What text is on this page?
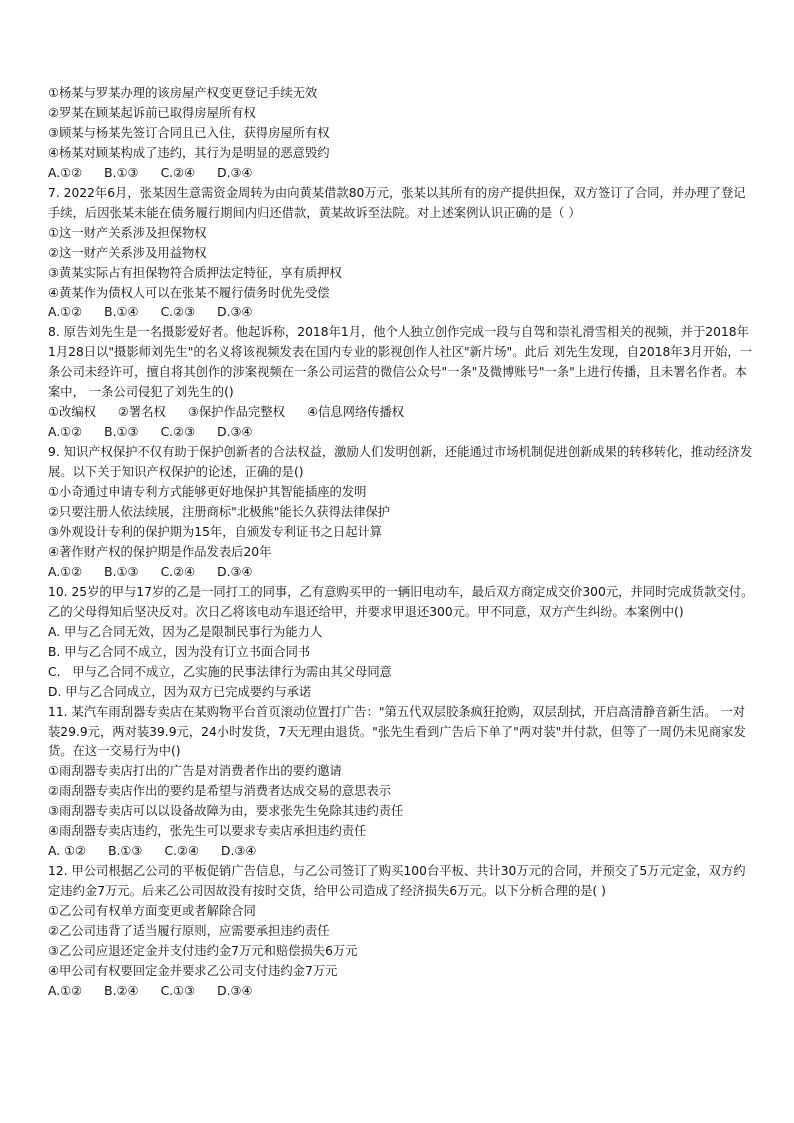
①杨某与罗某办理的该房屋产权变更登记手续无效
②罗某在顾某起诉前已取得房屋所有权
③顾某与杨某先签订合同且已入住，获得房屋所有权
④杨某对顾某构成了违约，其行为是明显的恶意毁约
A.①② B.①③ C.②④ D.③④
7. 2022年6月，张某因生意需资金周转为由向黄某借款80万元，张某以其所有的房产提供担保，双方签订了合同，并办理了登记手续，后因张某未能在债务履行期间内归还借款，黄某故诉至法院。对上述案例认识正确的是（ ）
①这一财产关系涉及担保物权
②这一财产关系涉及用益物权
③黄某实际占有担保物符合质押法定特征，享有质押权
④黄某作为债权人可以在张某不履行债务时优先受偿
A.①② B.①④ C.②③ D.③④
8. 原告刘先生是一名摄影爱好者。他起诉称，2018年1月，他个人独立创作完成一段与自驾和崇礼滑雪相关的视频，并于2018年1月28日以"摄影师刘先生"的名义将该视频发表在国内专业的影视创作人社区"新片场"。此后 刘先生发现，自2018年3月开始，一条公司未经许可，擅自将其创作的涉案视频在一条公司运营的微信公众号"一条"及微博账号"一条"上进行传播，且未署名作者。本案中， 一条公司侵犯了刘先生的()
①改编权 ②署名权 ③保护作品完整权 ④信息网络传播权
A.①② B.①③ C.②③ D.③④
9. 知识产权保护不仅有助于保护创新者的合法权益，激励人们发明创新，还能通过市场机制促进创新成果的转移转化，推动经济发展。以下关于知识产权保护的论述，正确的是()
①小奇通过申请专利方式能够更好地保护其智能插座的发明
②只要注册人依法续展，注册商标"北极熊"能长久获得法律保护
③外观设计专利的保护期为15年，自颁发专利证书之日起计算
④著作财产权的保护期是作品发表后20年
A.①② B.①③ C.②④ D.③④
10. 25岁的甲与17岁的乙是一同打工的同事，乙有意购买甲的一辆旧电动车，最后双方商定成交价300元，并同时完成货款交付。乙的父母得知后坚决反对。次日乙将该电动车退还给甲，并要求甲退还300元。甲不同意，双方产生纠纷。本案例中()
A. 甲与乙合同无效，因为乙是限制民事行为能力人
B. 甲与乙合同不成立，因为没有订立书面合同书
C.   甲与乙合同不成立，乙实施的民事法律行为需由其父母同意
D. 甲与乙合同成立，因为双方已完成要约与承诺
11. 某汽车雨刮器专卖店在某购物平台首页滚动位置打广告："第五代双层胶条疯狂抢购，双层刮拭，开启高清静音新生活。 一对装29.9元，两对装39.9元，24小时发货，7天无理由退货。"张先生看到广告后下单了"两对装"并付款，但等了一周仍未见商家发货。在这一交易行为中()
①雨刮器专卖店打出的广告是对消费者作出的要约邀请
②雨刮器专卖店作出的要约是希望与消费者达成交易的意思表示
③雨刮器专卖店可以以设备故障为由，要求张先生免除其违约责任
④雨刮器专卖店违约，张先生可以要求专卖店承担违约责任
A. ①② B.①③ C.②④ D.③④
12. 甲公司根据乙公司的平板促销广告信息，与乙公司签订了购买100台平板、共计30万元的合同，并预交了5万元定金，双方约定违约金7万元。后来乙公司因故没有按时交货，给甲公司造成了经济损失6万元。以下分析合理的是( )
①乙公司有权单方面变更或者解除合同
②乙公司违背了适当履行原则，应需要承担违约责任
③乙公司应退还定金并支付违约金7万元和赔偿损失6万元
④甲公司有权要回定金并要求乙公司支付违约金7万元
A.①② B.②④ C.①③ D.③④
